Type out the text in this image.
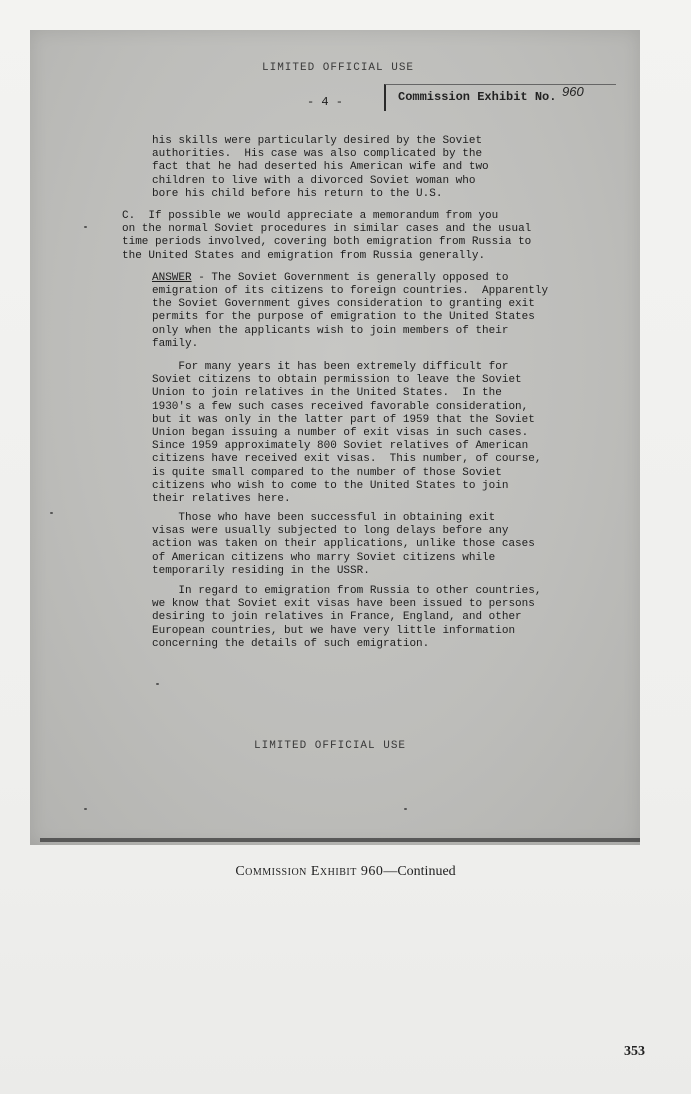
LIMITED OFFICIAL USE

- 4 -	Commission Exhibit No. 960

his skills were particularly desired by the Soviet
authorities.  His case was also complicated by the
fact that he had deserted his American wife and two
children to live with a divorced Soviet woman who
bore his child before his return to the U.S.

C.  If possible we would appreciate a memorandum from you
on the normal Soviet procedures in similar cases and the usual
time periods involved, covering both emigration from Russia to
the United States and emigration from Russia generally.

ANSWER - The Soviet Government is generally opposed to

emigration of its citizens to foreign countries.  Apparently
the Soviet Government gives consideration to granting exit
permits for the purpose of emigration to the United States
only when the applicants wish to join members of their
family.

For many years it has been extremely difficult for
Soviet citizens to obtain permission to leave the Soviet
Union to join relatives in the United States.  In the
1930's a few such cases received favorable consideration,
but it was only in the latter part of 1959 that the Soviet
Union began issuing a number of exit visas in such cases.
Since 1959 approximately 800 Soviet relatives of American
citizens have received exit visas.  This number, of course,
is quite small compared to the number of those Soviet
citizens who wish to come to the United States to join
their relatives here.

Those who have been successful in obtaining exit
visas were usually subjected to long delays before any
action was taken on their applications, unlike those cases
of American citizens who marry Soviet citizens while
temporarily residing in the USSR.

In regard to emigration from Russia to other countries,
we know that Soviet exit visas have been issued to persons
desiring to join relatives in France, England, and other
European countries, but we have very little information
concerning the details of such emigration.

LIMITED OFFICIAL USE

Commission Exhibit 960—Continued
353
